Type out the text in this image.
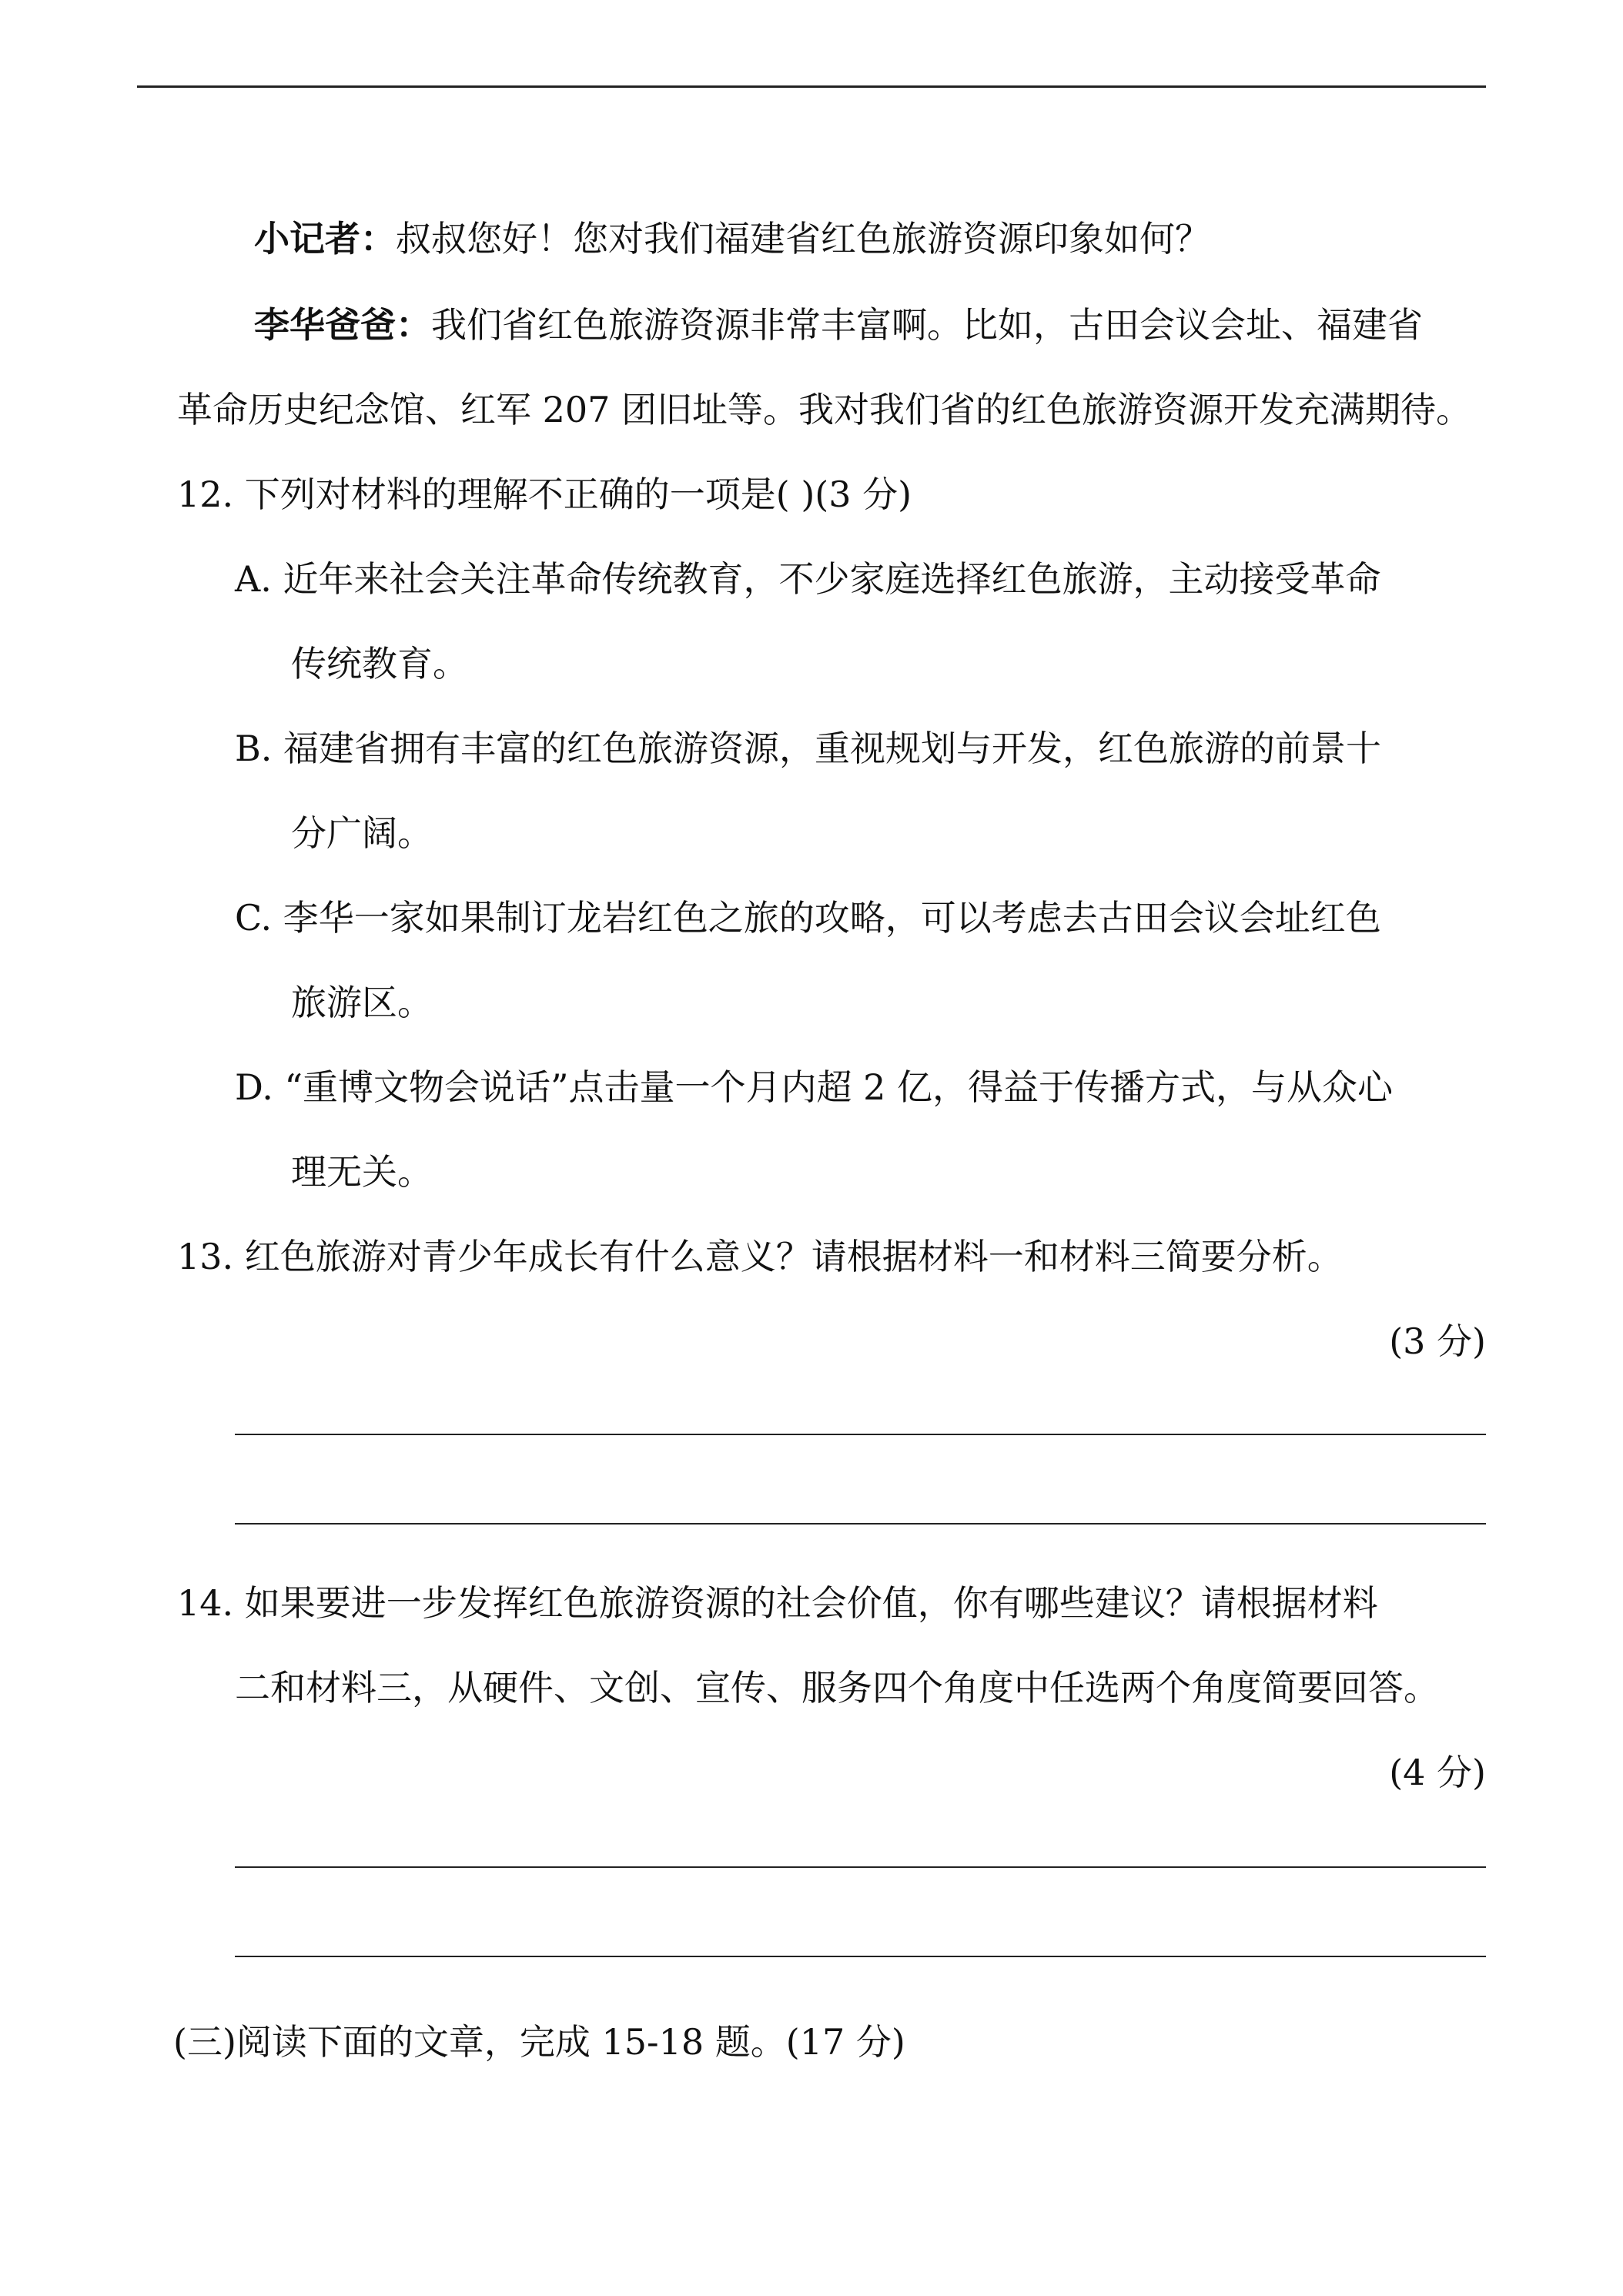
小记者：叔叔您好！您对我们福建省红色旅游资源印象如何？
李华爸爸：我们省红色旅游资源非常丰富啊。比如，古田会议会址、福建省
革命历史纪念馆、红军 207 团旧址等。我对我们省的红色旅游资源开发充满期待。
12. 下列对材料的理解不正确的一项是( )(3 分)
A. 近年来社会关注革命传统教育，不少家庭选择红色旅游，主动接受革命
传统教育。
B. 福建省拥有丰富的红色旅游资源，重视规划与开发，红色旅游的前景十
分广阔。
C. 李华一家如果制订龙岩红色之旅的攻略，可以考虑去古田会议会址红色
旅游区。
D. “重博文物会说话”点击量一个月内超 2 亿，得益于传播方式，与从众心
理无关。
13. 红色旅游对青少年成长有什么意义？请根据材料一和材料三简要分析。
(3 分)
14. 如果要进一步发挥红色旅游资源的社会价值，你有哪些建议？请根据材料
二和材料三，从硬件、文创、宣传、服务四个角度中任选两个角度简要回答。
(4 分)
(三)阅读下面的文章，完成 15-18 题。(17 分)
